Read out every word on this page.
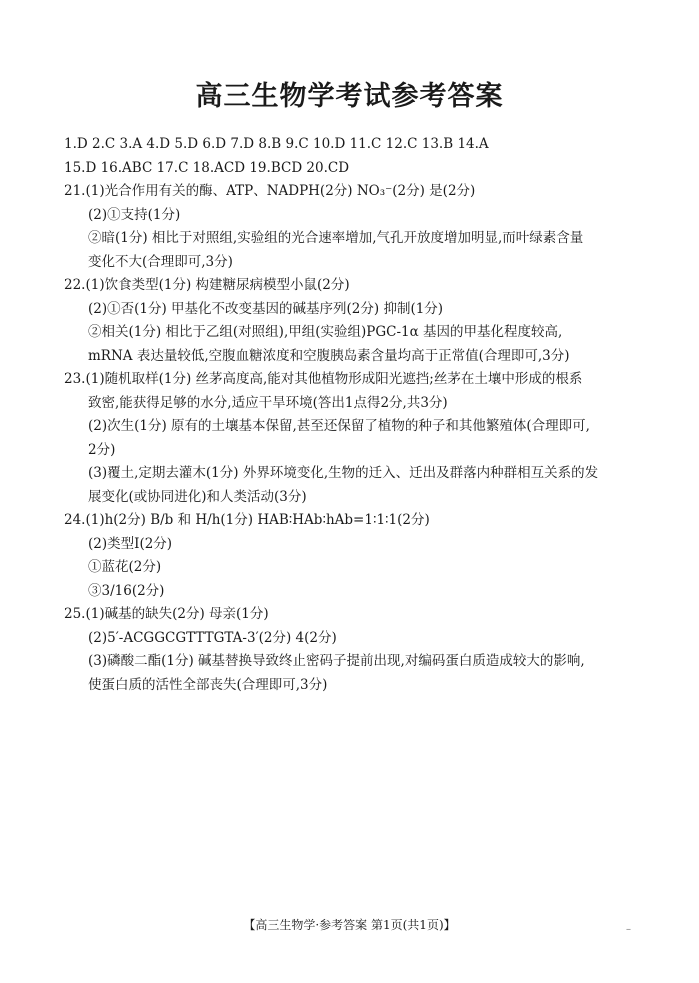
高三生物学考试参考答案
1.D 2.C 3.A 4.D 5.D 6.D 7.D 8.B 9.C 10.D 11.C 12.C 13.B 14.A
15.D 16.ABC 17.C 18.ACD 19.BCD 20.CD
21.(1)光合作用有关的酶、ATP、NADPH(2分) NO₃⁻(2分) 是(2分)
(2)①支持(1分)
②暗(1分) 相比于对照组,实验组的光合速率增加,气孔开放度增加明显,而叶绿素含量
变化不大(合理即可,3分)
22.(1)饮食类型(1分) 构建糖尿病模型小鼠(2分)
(2)①否(1分) 甲基化不改变基因的碱基序列(2分) 抑制(1分)
②相关(1分) 相比于乙组(对照组),甲组(实验组)PGC-1α 基因的甲基化程度较高,
mRNA 表达量较低,空腹血糖浓度和空腹胰岛素含量均高于正常值(合理即可,3分)
23.(1)随机取样(1分) 丝茅高度高,能对其他植物形成阳光遮挡;丝茅在土壤中形成的根系
致密,能获得足够的水分,适应干旱环境(答出1点得2分,共3分)
(2)次生(1分) 原有的土壤基本保留,甚至还保留了植物的种子和其他繁殖体(合理即可,
2分)
(3)覆土,定期去灌木(1分) 外界环境变化,生物的迁入、迁出及群落内种群相互关系的发
展变化(或协同进化)和人类活动(3分)
24.(1)h(2分) B/b 和 H/h(1分) HAB∶HAb∶hAb=1∶1∶1(2分)
(2)类型Ⅰ(2分)
①蓝花(2分)
③3/16(2分)
25.(1)碱基的缺失(2分) 母亲(1分)
(2)5′-ACGGCGTTTGTA-3′(2分) 4(2分)
(3)磷酸二酯(1分) 碱基替换导致终止密码子提前出现,对编码蛋白质造成较大的影响,
使蛋白质的活性全部丧失(合理即可,3分)
【高三生物学·参考答案 第1页(共1页)】	–
